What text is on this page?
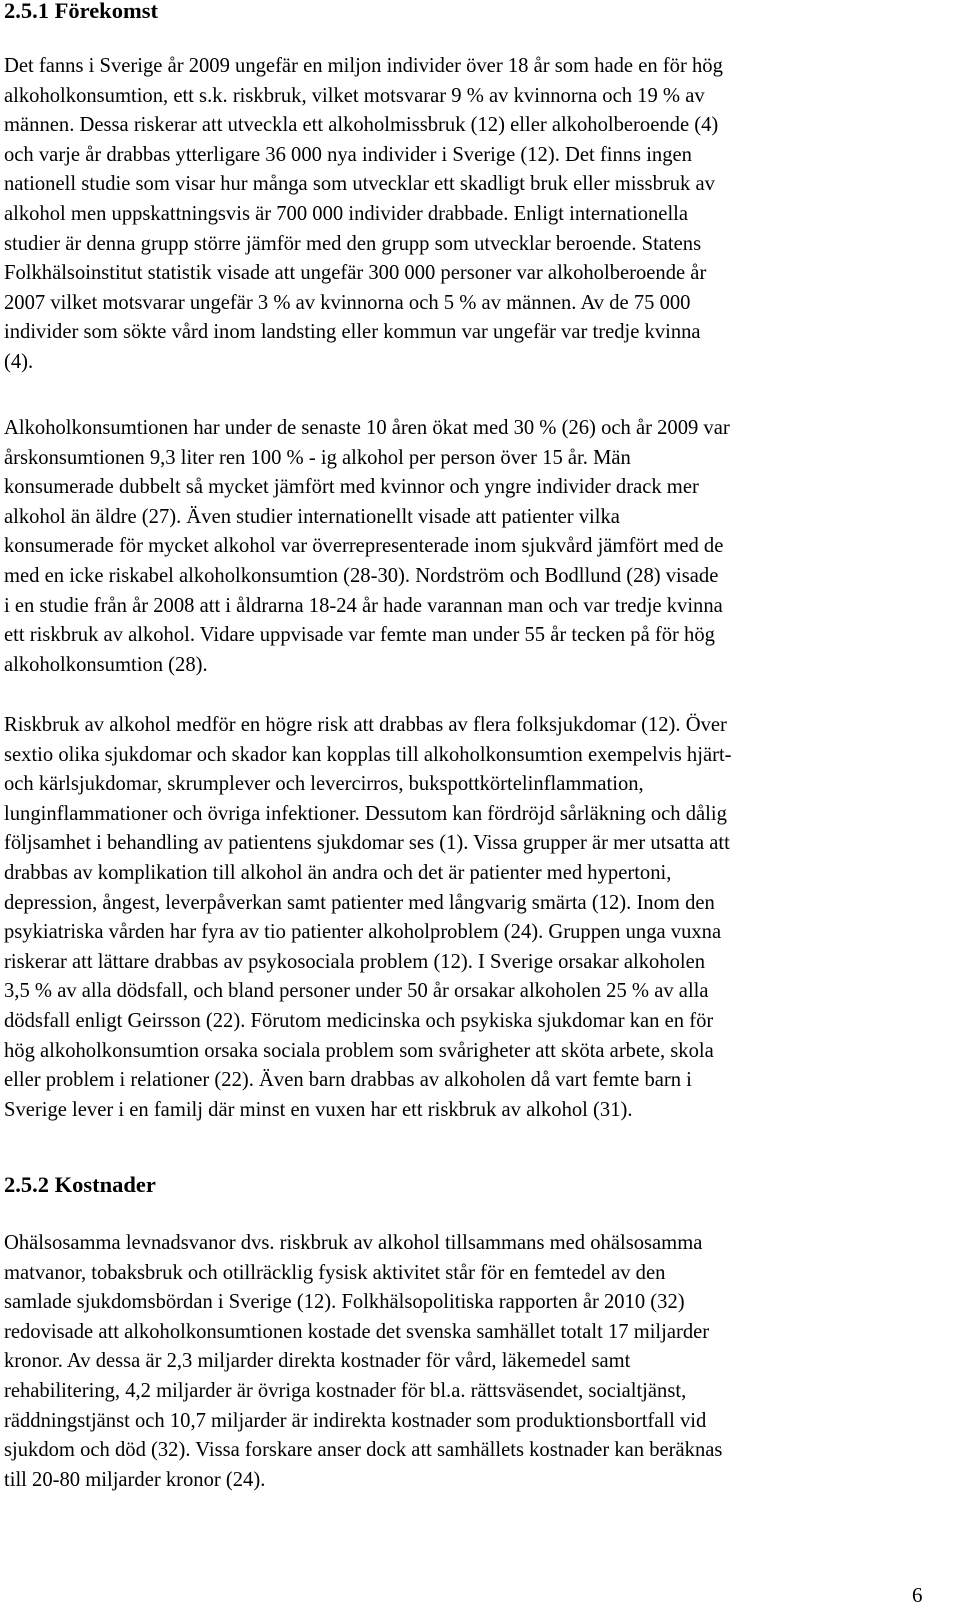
2.5.1 Förekomst
Det fanns i Sverige år 2009 ungefär en miljon individer över 18 år som hade en för hög
alkoholkonsumtion, ett s.k. riskbruk, vilket motsvarar 9 % av kvinnorna och 19 % av
männen. Dessa riskerar att utveckla ett alkoholmissbruk (12) eller alkoholberoende (4)
och varje år drabbas ytterligare 36 000 nya individer i Sverige (12). Det finns ingen
nationell studie som visar hur många som utvecklar ett skadligt bruk eller missbruk av
alkohol men uppskattningsvis är 700 000 individer drabbade. Enligt internationella
studier är denna grupp större jämför med den grupp som utvecklar beroende. Statens
Folkhälsoinstitut statistik visade att ungefär 300 000 personer var alkoholberoende år
2007 vilket motsvarar ungefär 3 % av kvinnorna och 5 % av männen. Av de 75 000
individer som sökte vård inom landsting eller kommun var ungefär var tredje kvinna
(4).
Alkoholkonsumtionen har under de senaste 10 åren ökat med 30 % (26) och år 2009 var
årskonsumtionen 9,3 liter ren 100 % - ig alkohol per person över 15 år. Män
konsumerade dubbelt så mycket jämfört med kvinnor och yngre individer drack mer
alkohol än äldre (27). Även studier internationellt visade att patienter vilka
konsumerade för mycket alkohol var överrepresenterade inom sjukvård jämfört med de
med en icke riskabel alkoholkonsumtion (28-30). Nordström och Bodllund (28) visade
i en studie från år 2008 att i åldrarna 18-24 år hade varannan man och var tredje kvinna
ett riskbruk av alkohol. Vidare uppvisade var femte man under 55 år tecken på för hög
alkoholkonsumtion (28).
Riskbruk av alkohol medför en högre risk att drabbas av flera folksjukdomar (12). Över
sextio olika sjukdomar och skador kan kopplas till alkoholkonsumtion exempelvis hjärt-
och kärlsjukdomar, skrumplever och levercirros, bukspottkörtelinflammation,
lunginflammationer och övriga infektioner. Dessutom kan fördröjd sårläkning och dålig
följsamhet i behandling av patientens sjukdomar ses (1). Vissa grupper är mer utsatta att
drabbas av komplikation till alkohol än andra och det är patienter med hypertoni,
depression, ångest, leverpåverkan samt patienter med långvarig smärta (12). Inom den
psykiatriska vården har fyra av tio patienter alkoholproblem (24). Gruppen unga vuxna
riskerar att lättare drabbas av psykosociala problem (12). I Sverige orsakar alkoholen
3,5 % av alla dödsfall, och bland personer under 50 år orsakar alkoholen 25 % av alla
dödsfall enligt Geirsson (22). Förutom medicinska och psykiska sjukdomar kan en för
hög alkoholkonsumtion orsaka sociala problem som svårigheter att sköta arbete, skola
eller problem i relationer (22). Även barn drabbas av alkoholen då vart femte barn i
Sverige lever i en familj där minst en vuxen har ett riskbruk av alkohol (31).
2.5.2 Kostnader
Ohälsosamma levnadsvanor dvs. riskbruk av alkohol tillsammans med ohälsosamma
matvanor, tobaksbruk och otillräcklig fysisk aktivitet står för en femtedel av den
samlade sjukdomsbördan i Sverige (12). Folkhälsopolitiska rapporten år 2010 (32)
redovisade att alkoholkonsumtionen kostade det svenska samhället totalt 17 miljarder
kronor. Av dessa är 2,3 miljarder direkta kostnader för vård, läkemedel samt
rehabilitering, 4,2 miljarder är övriga kostnader för bl.a. rättsväsendet, socialtjänst,
räddningstjänst och 10,7 miljarder är indirekta kostnader som produktionsbortfall vid
sjukdom och död (32). Vissa forskare anser dock att samhällets kostnader kan beräknas
till 20-80 miljarder kronor (24).
6
